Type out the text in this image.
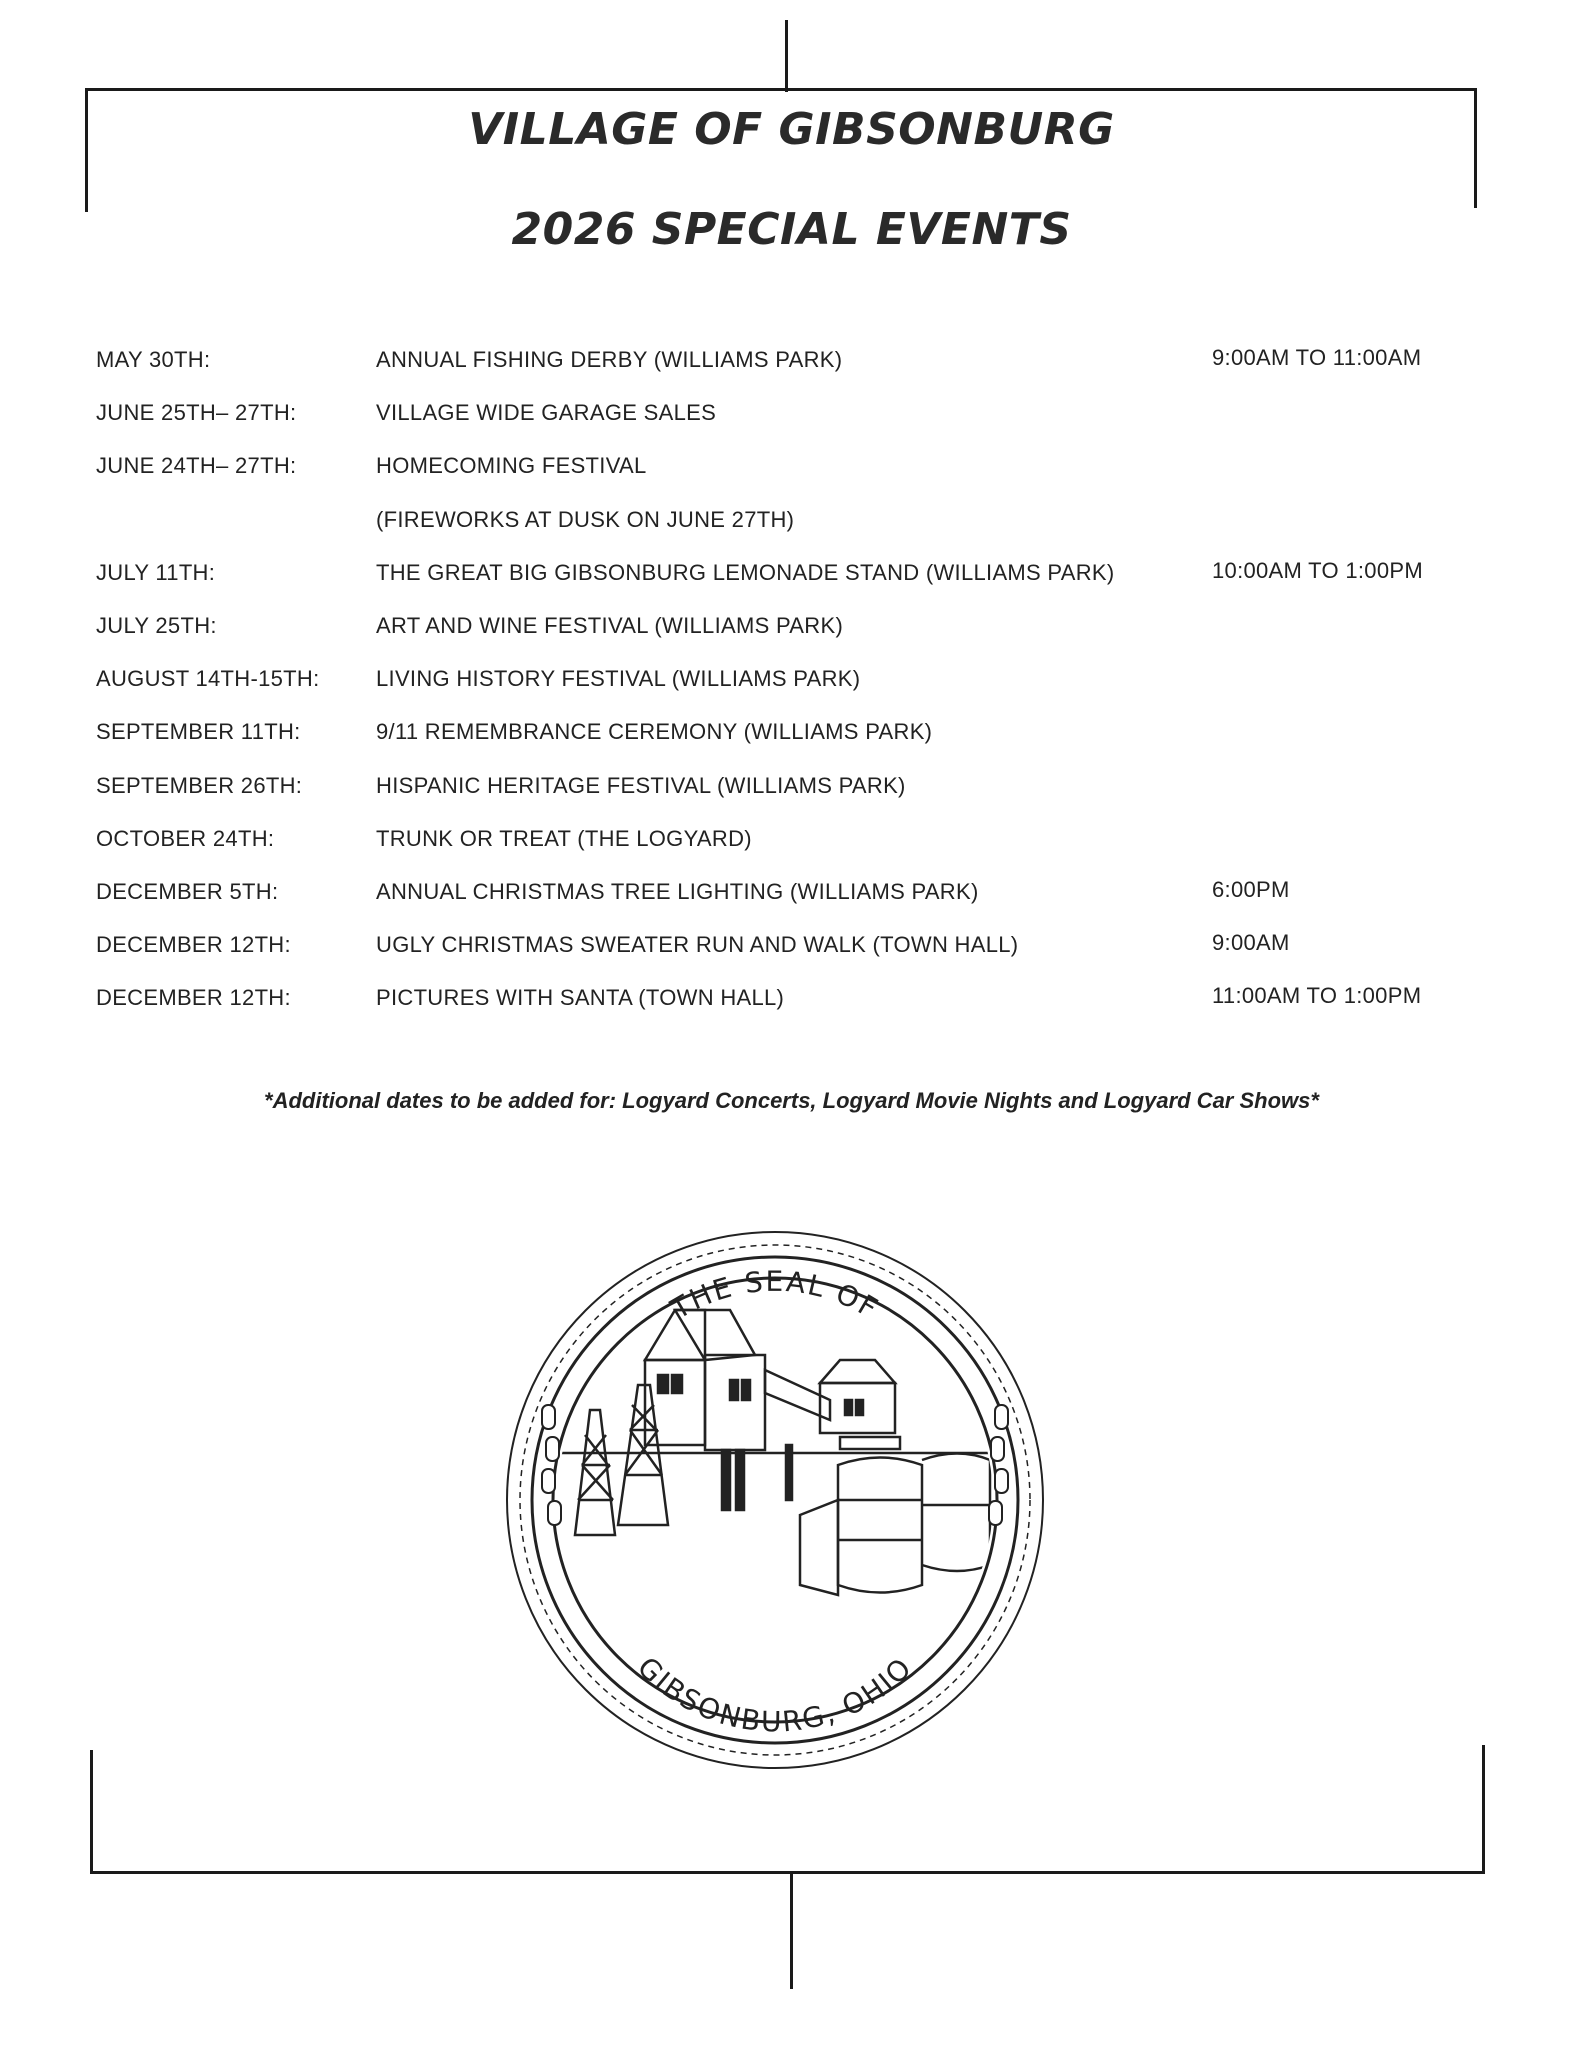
VILLAGE OF GIBSONBURG
2026 SPECIAL EVENTS
MAY 30TH:	ANNUAL FISHING DERBY (WILLIAMS PARK)	9:00AM TO 11:00AM
JUNE 25TH– 27TH:	VILLAGE WIDE GARAGE SALES
JUNE 24TH– 27TH:	HOMECOMING FESTIVAL
(FIREWORKS AT DUSK ON JUNE 27TH)
JULY 11TH:	THE GREAT BIG GIBSONBURG LEMONADE STAND (WILLIAMS PARK)	10:00AM TO 1:00PM
JULY 25TH:	ART AND WINE FESTIVAL (WILLIAMS PARK)
AUGUST 14TH-15TH:	LIVING HISTORY FESTIVAL (WILLIAMS PARK)
SEPTEMBER 11TH:	9/11 REMEMBRANCE CEREMONY (WILLIAMS PARK)
SEPTEMBER 26TH:	HISPANIC HERITAGE FESTIVAL (WILLIAMS PARK)
OCTOBER 24TH:	TRUNK OR TREAT (THE LOGYARD)
DECEMBER 5TH:	ANNUAL CHRISTMAS TREE LIGHTING (WILLIAMS PARK)	6:00PM
DECEMBER 12TH:	UGLY CHRISTMAS SWEATER RUN AND WALK (TOWN HALL)	9:00AM
DECEMBER 12TH:	PICTURES WITH SANTA (TOWN HALL)	11:00AM TO 1:00PM
*Additional dates to be added for: Logyard Concerts, Logyard Movie Nights and Logyard Car Shows*
THE SEAL OF
GIBSONBURG, OHIO
